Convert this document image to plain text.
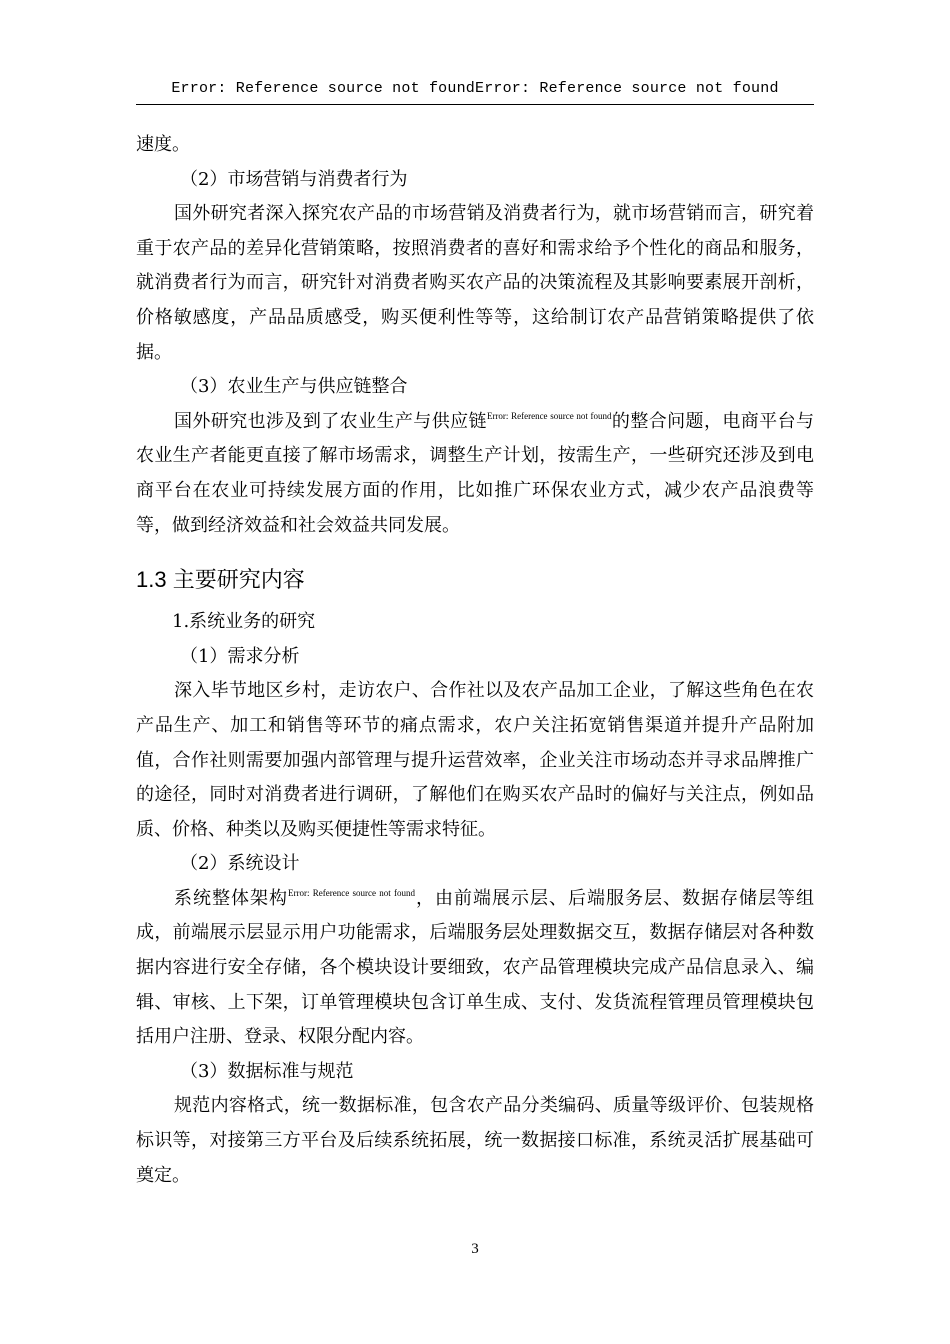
Error: Reference source not foundError: Reference source not found

速度。

（2）市场营销与消费者行为

国外研究者深入探究农产品的市场营销及消费者行为，就市场营销而言，研究着重于农产品的差异化营销策略，按照消费者的喜好和需求给予个性化的商品和服务，就消费者行为而言，研究针对消费者购买农产品的决策流程及其影响要素展开剖析，价格敏感度，产品品质感受，购买便利性等等，这给制订农产品营销策略提供了依据。

（3）农业生产与供应链整合

国外研究也涉及到了农业生产与供应链$^{Error: Reference source not found}$的整合问题，电商平台与农业生产者能更直接了解市场需求，调整生产计划，按需生产，一些研究还涉及到电商平台在农业可持续发展方面的作用，比如推广环保农业方式，减少农产品浪费等等，做到经济效益和社会效益共同发展。

1.3 主要研究内容

1.系统业务的研究

（1）需求分析

深入毕节地区乡村，走访农户、合作社以及农产品加工企业，了解这些角色在农产品生产、加工和销售等环节的痛点需求，农户关注拓宽销售渠道并提升产品附加值，合作社则需要加强内部管理与提升运营效率，企业关注市场动态并寻求品牌推广的途径，同时对消费者进行调研，了解他们在购买农产品时的偏好与关注点，例如品质、价格、种类以及购买便捷性等需求特征。

（2）系统设计

系统整体架构$^{Error: Reference source not found}$，由前端展示层、后端服务层、数据存储层等组成，前端展示层显示用户功能需求，后端服务层处理数据交互，数据存储层对各种数据内容进行安全存储，各个模块设计要细致，农产品管理模块完成产品信息录入、编辑、审核、上下架，订单管理模块包含订单生成、支付、发货流程管理员管理模块包括用户注册、登录、权限分配内容。

（3）数据标准与规范

规范内容格式，统一数据标准，包含农产品分类编码、质量等级评价、包装规格标识等，对接第三方平台及后续系统拓展，统一数据接口标准，系统灵活扩展基础可奠定。

3
